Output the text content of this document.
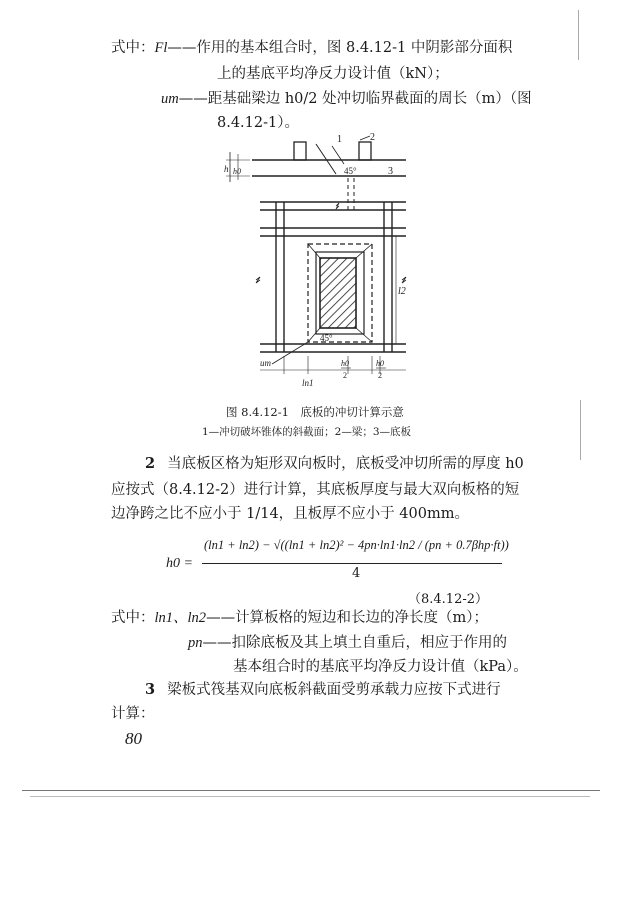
式中：Fl——作用的基本组合时，图 8.4.12-1 中阴影部分面积
上的基底平均净反力设计值（kN）；
um——距基础梁边 h0/2 处冲切临界截面的周长（m）（图
8.4.12-1）。
1	2
3
45°
45°
h h0
l2
um	h0
2
h0
2
ln1
图 8.4.12-1　底板的冲切计算示意
1—冲切破坏锥体的斜截面；2—梁；3—底板
2 当底板区格为矩形双向板时，底板受冲切所需的厚度 h0
应按式（8.4.12-2）进行计算，其底板厚度与最大双向板格的短
边净跨之比不应小于 1/14，且板厚不应小于 400mm。
h0 =
(ln1 + ln2) − √((ln1 + ln2)² − 4pn·ln1·ln2 / (pn + 0.7βhp·ft))
4
（8.4.12-2）
式中：ln1、ln2——计算板格的短边和长边的净长度（m）；
pn——扣除底板及其上填土自重后，相应于作用的
基本组合时的基底平均净反力设计值（kPa）。
3 梁板式筏基双向底板斜截面受剪承载力应按下式进行
计算：
80
